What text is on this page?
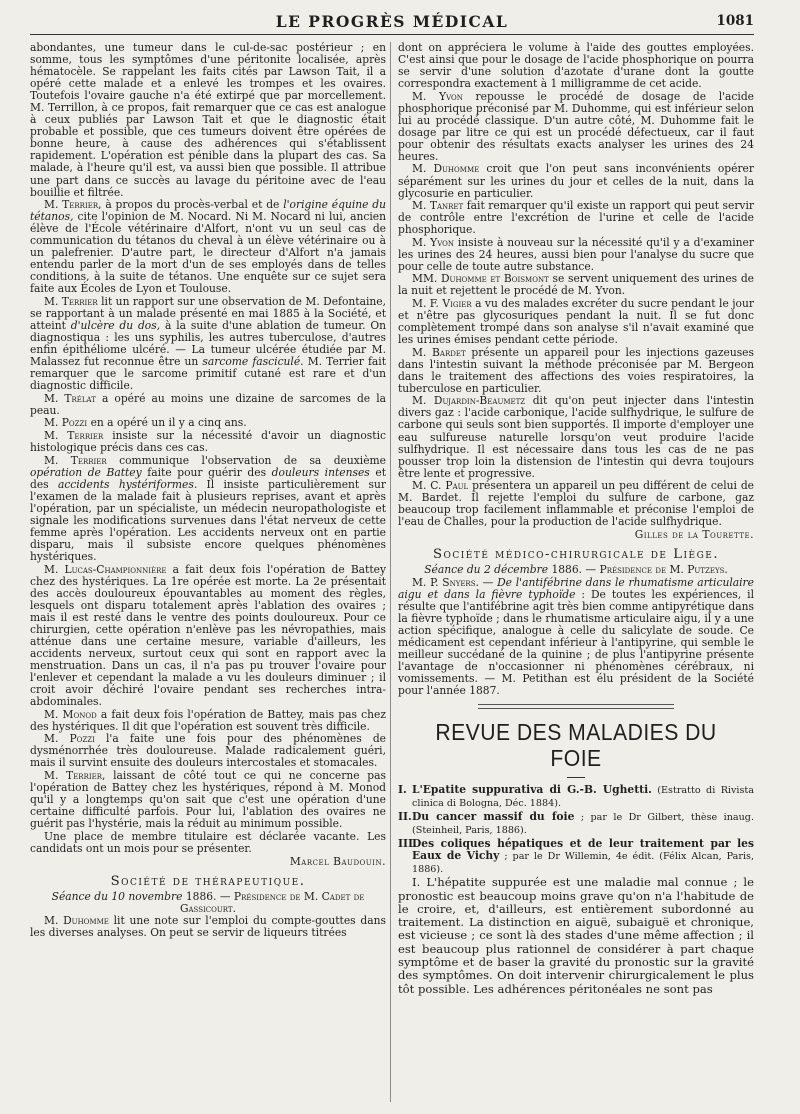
LE PROGRÈS MÉDICAL	1081

abondantes, une tumeur dans le cul-de-sac postérieur ; en somme, tous les symptômes d'une péritonite localisée, après hématocèle. Se rappelant les faits cités par Lawson Tait, il a opéré cette malade et a enlevé les trompes et les ovaires. Toutefois l'ovaire gauche n'a été extirpé que par morcellement. M. Terrillon, à ce propos, fait remarquer que ce cas est analogue à ceux publiés par Lawson Tait et que le diagnostic était probable et possible, que ces tumeurs doivent être opérées de bonne heure, à cause des adhérences qui s'établissent rapidement. L'opération est pénible dans la plupart des cas. Sa malade, à l'heure qu'il est, va aussi bien que possible. Il attribue une part dans ce succès au lavage du péritoine avec de l'eau bouillie et filtrée.

M. Terrier, à propos du procès-verbal et de l'origine équine du tétanos, cite l'opinion de M. Nocard. Ni M. Nocard ni lui, ancien élève de l'École vétérinaire d'Alfort, n'ont vu un seul cas de communication du tétanos du cheval à un élève vétérinaire ou à un palefrenier. D'autre part, le directeur d'Alfort n'a jamais entendu parler de la mort d'un de ses employés dans de telles conditions, à la suite de tétanos. Une enquête sur ce sujet sera faite aux Écoles de Lyon et Toulouse.

M. Terrier lit un rapport sur une observation de M. Defontaine, se rapportant à un malade présenté en mai 1885 à la Société, et atteint d'ulcère du dos, à la suite d'une ablation de tumeur. On diagnostiqua : les uns syphilis, les autres tuberculose, d'autres enfin épithéliome ulcéré. — La tumeur ulcérée étudiée par M. Malassez fut reconnue être un sarcome fasciculé. M. Terrier fait remarquer que le sarcome primitif cutané est rare et d'un diagnostic difficile.

M. Trélat a opéré au moins une dizaine de sarcomes de la peau.

M. Pozzi en a opéré un il y a cinq ans.

M. Terrier insiste sur la nécessité d'avoir un diagnostic histologique précis dans ces cas.

M. Terrier communique l'observation de sa deuxième opération de Battey faite pour guérir des douleurs intenses et des accidents hystériformes. Il insiste particulièrement sur l'examen de la malade fait à plusieurs reprises, avant et après l'opération, par un spécialiste, un médecin neuropathologiste et signale les modifications survenues dans l'état nerveux de cette femme après l'opération. Les accidents nerveux ont en partie disparu, mais il subsiste encore quelques phénomènes hystériques.

M. Lucas-Championnière a fait deux fois l'opération de Battey chez des hystériques. La 1re opérée est morte. La 2e présentait des accès douloureux épouvantables au moment des règles, lesquels ont disparu totalement après l'ablation des ovaires ; mais il est resté dans le ventre des points douloureux. Pour ce chirurgien, cette opération n'enlève pas les névropathies, mais atténue dans une certaine mesure, variable d'ailleurs, les accidents nerveux, surtout ceux qui sont en rapport avec la menstruation. Dans un cas, il n'a pas pu trouver l'ovaire pour l'enlever et cependant la malade a vu les douleurs diminuer ; il croit avoir déchiré l'ovaire pendant ses recherches intra-abdominales.

M. Monod a fait deux fois l'opération de Battey, mais pas chez des hystériques. Il dit que l'opération est souvent très difficile.

M. Pozzi l'a faite une fois pour des phénomènes de dysménorrhée très douloureuse. Malade radicalement guéri, mais il survint ensuite des douleurs intercostales et stomacales.

M. Terrier, laissant de côté tout ce qui ne concerne pas l'opération de Battey chez les hystériques, répond à M. Monod qu'il y a longtemps qu'on sait que c'est une opération d'une certaine difficulté parfois. Pour lui, l'ablation des ovaires ne guérit pas l'hystérie, mais la réduit au minimum possible.

Une place de membre titulaire est déclarée vacante. Les candidats ont un mois pour se présenter.

Marcel Baudouin.

Société de thérapeutique.

Séance du 10 novembre 1886. — Présidence de M. Cadet de Gassicourt.

M. Duhomme lit une note sur l'emploi du compte-gouttes dans les diverses analyses. On peut se servir de liqueurs titrées

dont on appréciera le volume à l'aide des gouttes employées. C'est ainsi que pour le dosage de l'acide phosphorique on pourra se servir d'une solution d'azotate d'urane dont la goutte correspondra exactement à 1 milligramme de cet acide.

M. Yvon repousse le procédé de dosage de l'acide phosphorique préconisé par M. Duhomme, qui est inférieur selon lui au procédé classique. D'un autre côté, M. Duhomme fait le dosage par litre ce qui est un procédé défectueux, car il faut pour obtenir des résultats exacts analyser les urines des 24 heures.

M. Duhomme croit que l'on peut sans inconvénients opérer séparément sur les urines du jour et celles de la nuit, dans la glycosurie en particulier.

M. Tanret fait remarquer qu'il existe un rapport qui peut servir de contrôle entre l'excrétion de l'urine et celle de l'acide phosphorique.

M. Yvon insiste à nouveau sur la nécessité qu'il y a d'examiner les urines des 24 heures, aussi bien pour l'analyse du sucre que pour celle de toute autre substance.

MM. Duhomme et Boismont se servent uniquement des urines de la nuit et rejettent le procédé de M. Yvon.

M. F. Vigier a vu des malades excréter du sucre pendant le jour et n'être pas glycosuriques pendant la nuit. Il se fut donc complètement trompé dans son analyse s'il n'avait examiné que les urines émises pendant cette période.

M. Bardet présente un appareil pour les injections gazeuses dans l'intestin suivant la méthode préconisée par M. Bergeon dans le traitement des affections des voies respiratoires, la tuberculose en particulier.

M. Dujardin-Beaumetz dit qu'on peut injecter dans l'intestin divers gaz : l'acide carbonique, l'acide sulfhydrique, le sulfure de carbone qui seuls sont bien supportés. Il importe d'employer une eau sulfureuse naturelle lorsqu'on veut produire l'acide sulfhydrique. Il est nécessaire dans tous les cas de ne pas pousser trop loin la distension de l'intestin qui devra toujours être lente et progressive.

M. C. Paul présentera un appareil un peu différent de celui de M. Bardet. Il rejette l'emploi du sulfure de carbone, gaz beaucoup trop facilement inflammable et préconise l'emploi de l'eau de Challes, pour la production de l'acide sulfhydrique.

Gilles de la Tourette.

Société médico-chirurgicale de Liège.

Séance du 2 décembre 1886. — Présidence de M. Putzeys.

M. P. Snyers. — De l'antifébrine dans le rhumatisme articulaire aigu et dans la fièvre typhoïde : De toutes les expériences, il résulte que l'antifébrine agit très bien comme antipyrétique dans la fièvre typhoïde ; dans le rhumatisme articulaire aigu, il y a une action spécifique, analogue à celle du salicylate de soude. Ce médicament est cependant inférieur à l'antipyrine, qui semble le meilleur succédané de la quinine ; de plus l'antipyrine présente l'avantage de n'occasionner ni phénomènes cérébraux, ni vomissements. — M. Petithan est élu président de la Société pour l'année 1887.

REVUE DES MALADIES DU FOIE

I. L'Epatite suppurativa di G.-B. Ughetti. (Estratto di Rivista clinica di Bologna, Déc. 1884).

II.Du cancer massif du foie ; par le Dr Gilbert, thèse inaug. (Steinheil, Paris, 1886).

III.Des coliques hépatiques et de leur traitement par les Eaux de Vichy ; par le Dr Willemin, 4e édit. (Félix Alcan, Paris, 1886).

I. L'hépatite suppurée est une maladie mal connue ; le pronostic est beaucoup moins grave qu'on n'a l'habitude de le croire, et, d'ailleurs, est entièrement subordonné au traitement. La distinction en aiguë, subaiguë et chronique, est vicieuse ; ce sont là des stades d'une même affection ; il est beaucoup plus rationnel de considérer à part chaque symptôme et de baser la gravité du pronostic sur la gravité des symptômes. On doit intervenir chirurgicalement le plus tôt possible. Les adhérences péritonéales ne sont pas
